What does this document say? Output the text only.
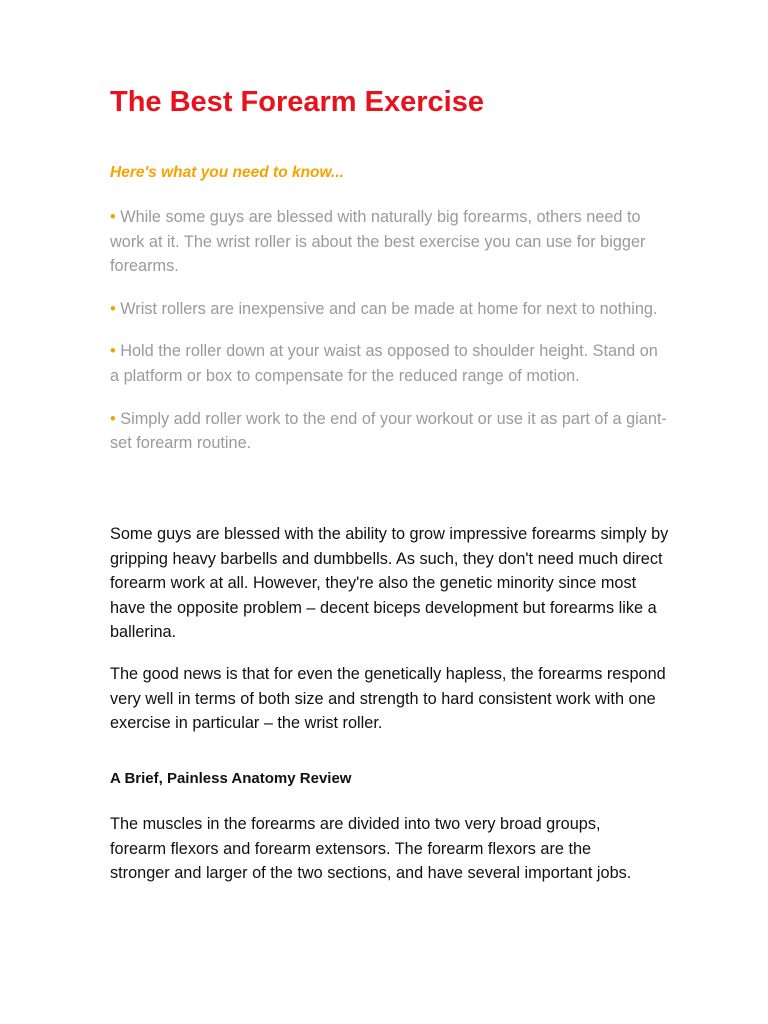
The Best Forearm Exercise

Here's what you need to know...

• While some guys are blessed with naturally big forearms, others need to work at it. The wrist roller is about the best exercise you can use for bigger forearms.
• Wrist rollers are inexpensive and can be made at home for next to nothing.
• Hold the roller down at your waist as opposed to shoulder height. Stand on a platform or box to compensate for the reduced range of motion.
• Simply add roller work to the end of your workout or use it as part of a giant-set forearm routine.

Some guys are blessed with the ability to grow impressive forearms simply by gripping heavy barbells and dumbbells. As such, they don't need much direct forearm work at all. However, they're also the genetic minority since most have the opposite problem – decent biceps development but forearms like a ballerina.

The good news is that for even the genetically hapless, the forearms respond very well in terms of both size and strength to hard consistent work with one exercise in particular – the wrist roller.

A Brief, Painless Anatomy Review

The muscles in the forearms are divided into two very broad groups, forearm flexors and forearm extensors. The forearm flexors are the stronger and larger of the two sections, and have several important jobs.
